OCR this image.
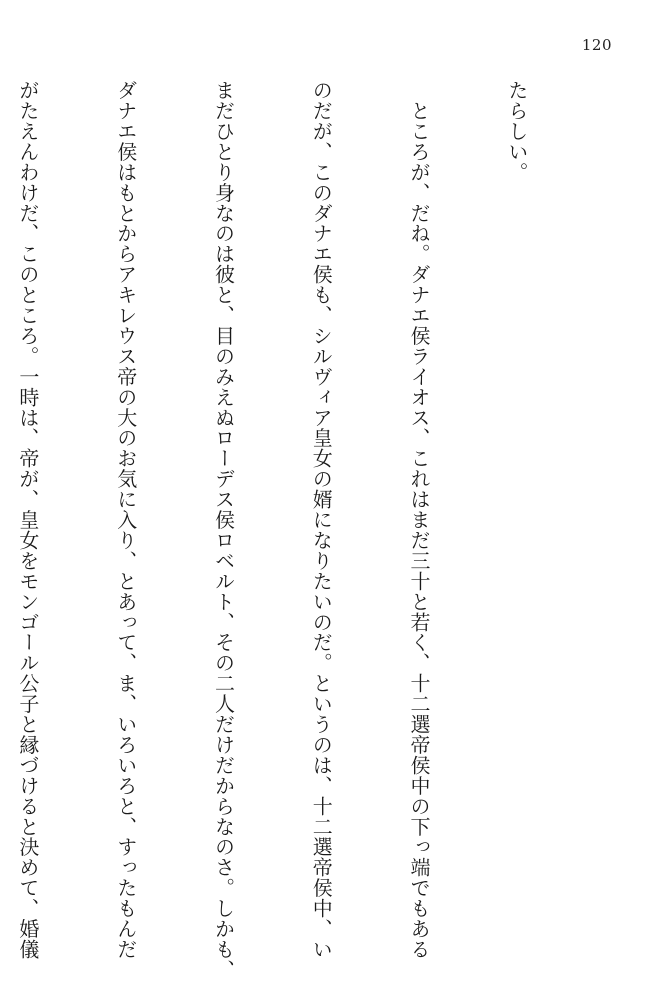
120

たらしい。

　ところが、だね。ダナエ侯ライオス、これはまだ三十と若く、十二選帝侯中の下っ端でもある

のだが、このダナエ侯も、シルヴィア皇女の婿になりたいのだ。というのは、十二選帝侯中、い

まだひとり身なのは彼と、目のみえぬローデス侯ロベルト、その二人だけだからなのさ。しかも、

ダナエ侯はもとからアキレウス帝の大のお気に入り、とあって、ま、いろいろと、すったもんだ

がたえんわけだ、このところ。一時は、帝が、皇女をモンゴール公子と縁づけると決めて、婚儀
